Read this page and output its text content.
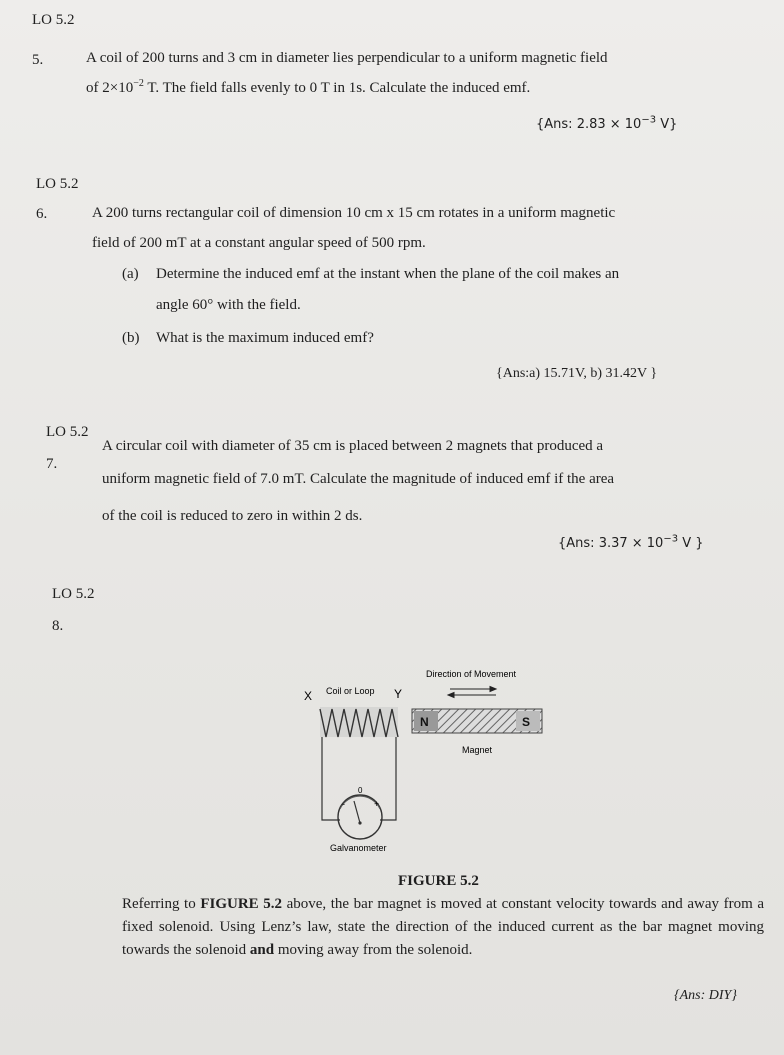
LO 5.2
5.	A coil of 200 turns and 3 cm in diameter lies perpendicular to a uniform magnetic field
of $2\times 10^{-2}$ T. The field falls evenly to 0 T in 1s. Calculate the induced emf.
{Ans: $2.83 \times 10^{-3}$ V}
LO 5.2
6.	A 200 turns rectangular coil of dimension 10 cm x 15 cm rotates in a uniform magnetic
field of 200 mT at a constant angular speed of 500 rpm.
(a) Determine the induced emf at the instant when the plane of the coil makes an
angle 60° with the field.
(b) What is the maximum induced emf?
{Ans:a) 15.71V, b) 31.42V }
LO 5.2
7.
A circular coil with diameter of 35 cm is placed between 2 magnets that produced a
uniform magnetic field of 7.0 mT. Calculate the magnitude of induced emf if the area
of the coil is reduced to zero in within 2 ds.
{Ans: $3.37 \times 10^{-3}$ V }
LO 5.2
8.
X Coil or Loop Y
Direction of Movement
N	S
Magnet
0
-	+
Galvanometer
FIGURE 5.2
Referring to FIGURE 5.2 above, the bar magnet is moved at constant velocity towards and away from a fixed solenoid. Using Lenz’s law, state the direction of the induced current as the bar magnet moving towards the solenoid and moving away from the solenoid.
{Ans: DIY}
